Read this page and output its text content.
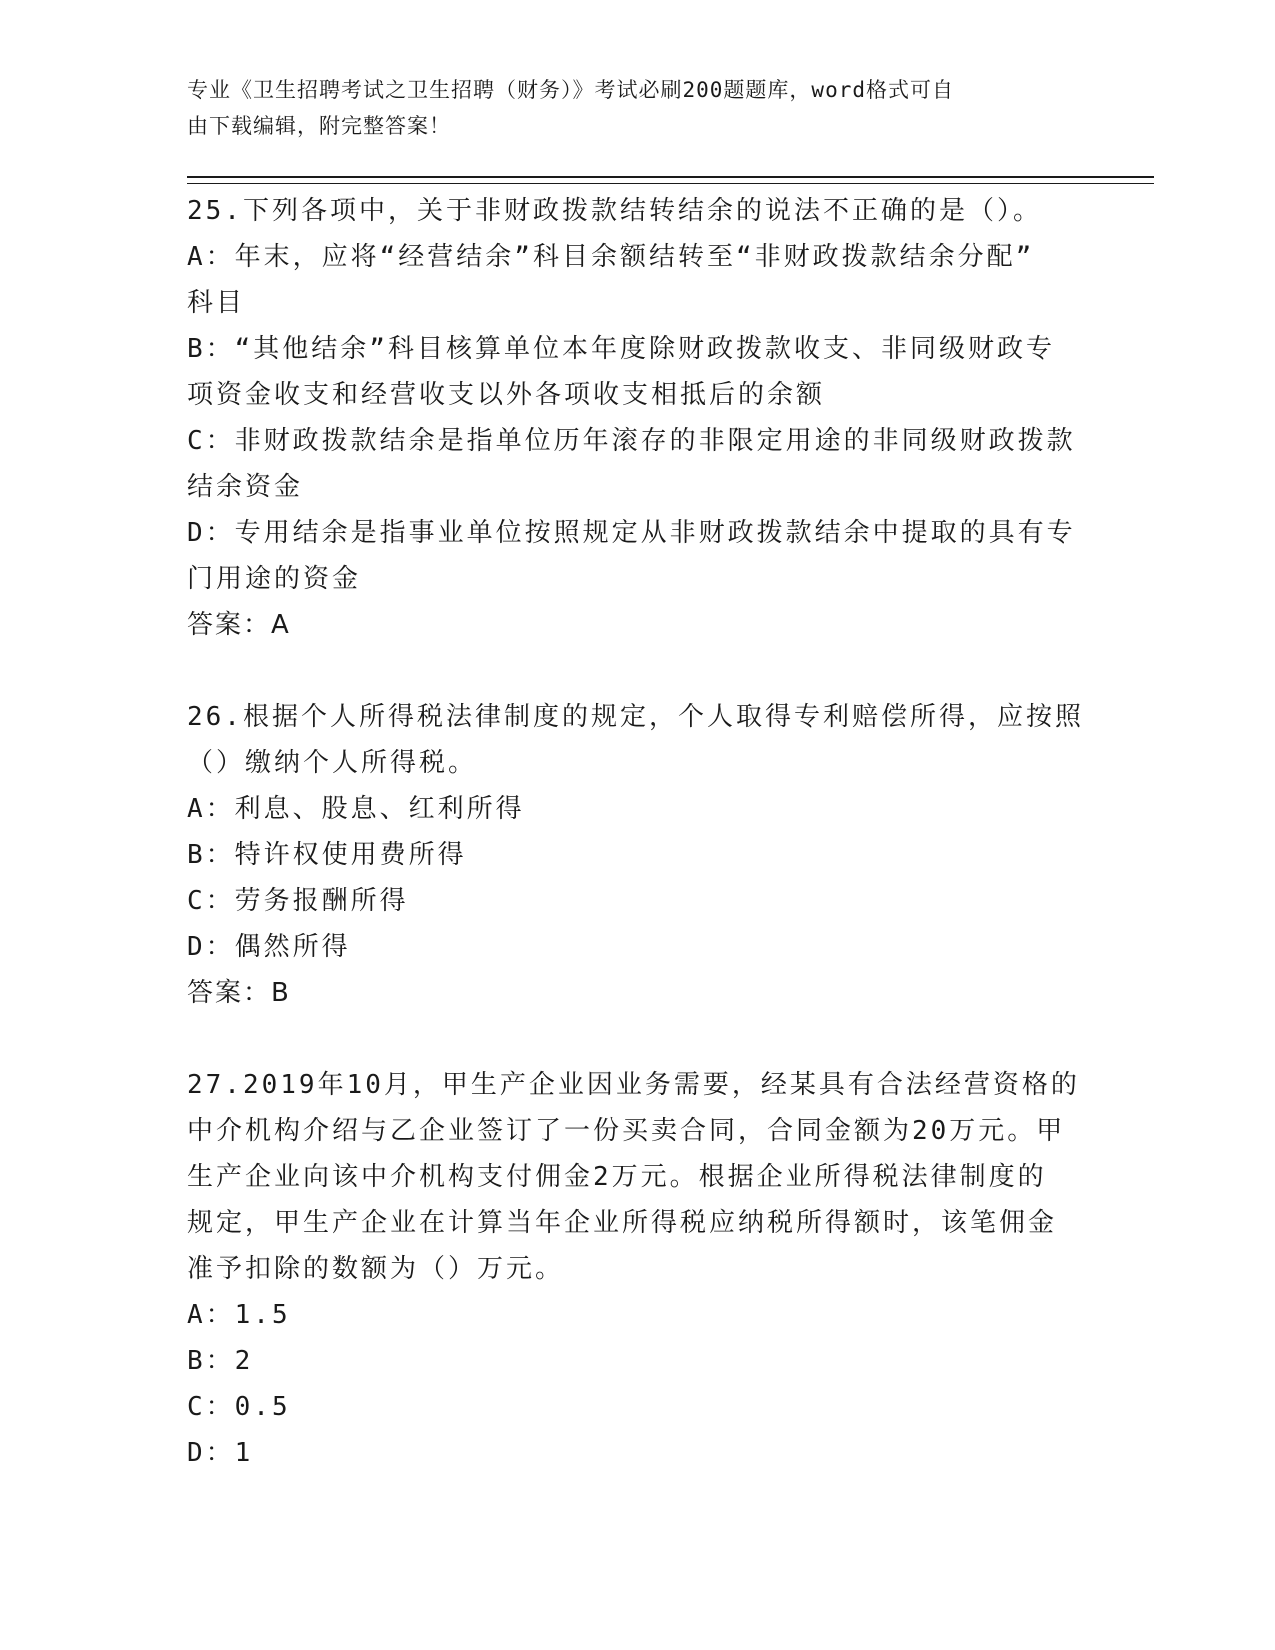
专业《卫生招聘考试之卫生招聘（财务）》考试必刷200题题库，word格式可自
由下载编辑，附完整答案！
25.下列各项中，关于非财政拨款结转结余的说法不正确的是（）。
A：年末，应将“经营结余”科目余额结转至“非财政拨款结余分配”
科目
B：“其他结余”科目核算单位本年度除财政拨款收支、非同级财政专
项资金收支和经营收支以外各项收支相抵后的余额
C：非财政拨款结余是指单位历年滚存的非限定用途的非同级财政拨款
结余资金
D：专用结余是指事业单位按照规定从非财政拨款结余中提取的具有专
门用途的资金
答案：A
26.根据个人所得税法律制度的规定，个人取得专利赔偿所得，应按照
（）缴纳个人所得税。
A：利息、股息、红利所得
B：特许权使用费所得
C：劳务报酬所得
D：偶然所得
答案：B
27.2019年10月，甲生产企业因业务需要，经某具有合法经营资格的
中介机构介绍与乙企业签订了一份买卖合同，合同金额为20万元。甲
生产企业向该中介机构支付佣金2万元。根据企业所得税法律制度的
规定，甲生产企业在计算当年企业所得税应纳税所得额时，该笔佣金
准予扣除的数额为（）万元。
A：1.5
B：2
C：0.5
D：1
